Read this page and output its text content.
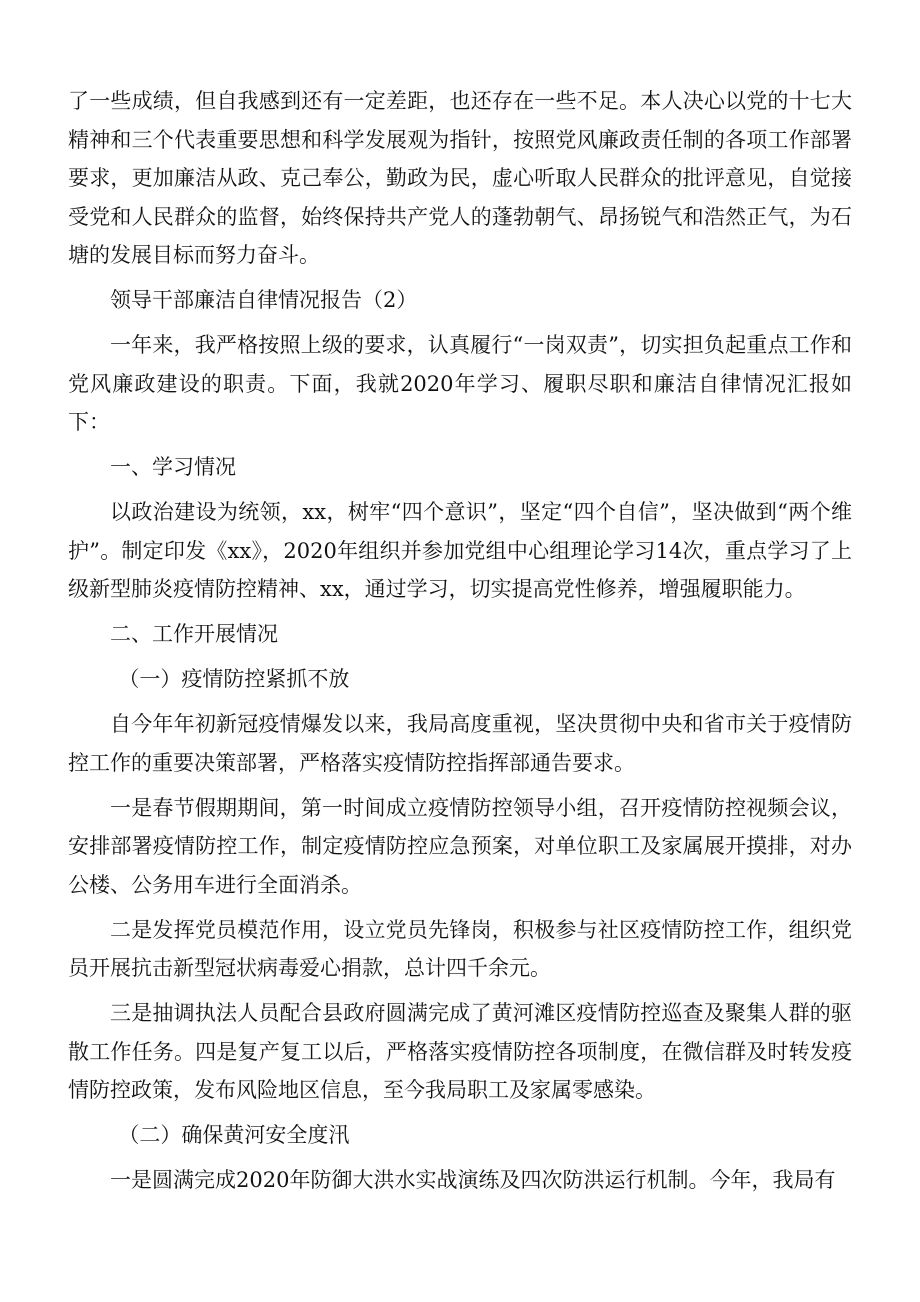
了一些成绩，但自我感到还有一定差距，也还存在一些不足。本人决心以党的十七大精神和三个代表重要思想和科学发展观为指针，按照党风廉政责任制的各项工作部署要求，更加廉洁从政、克己奉公，勤政为民，虚心听取人民群众的批评意见，自觉接受党和人民群众的监督，始终保持共产党人的蓬勃朝气、昂扬锐气和浩然正气，为石塘的发展目标而努力奋斗。

领导干部廉洁自律情况报告（2）

一年来，我严格按照上级的要求，认真履行“一岗双责”，切实担负起重点工作和党风廉政建设的职责。下面，我就2020年学习、履职尽职和廉洁自律情况汇报如下：

一、学习情况

以政治建设为统领，xx，树牢“四个意识”，坚定“四个自信”，坚决做到“两个维护”。制定印发《xx》，2020年组织并参加党组中心组理论学习14次，重点学习了上级新型肺炎疫情防控精神、xx，通过学习，切实提高党性修养，增强履职能力。

二、工作开展情况

（一）疫情防控紧抓不放

自今年年初新冠疫情爆发以来，我局高度重视，坚决贯彻中央和省市关于疫情防控工作的重要决策部署，严格落实疫情防控指挥部通告要求。

一是春节假期期间，第一时间成立疫情防控领导小组，召开疫情防控视频会议，安排部署疫情防控工作，制定疫情防控应急预案，对单位职工及家属展开摸排，对办公楼、公务用车进行全面消杀。

二是发挥党员模范作用，设立党员先锋岗，积极参与社区疫情防控工作，组织党员开展抗击新型冠状病毒爱心捐款，总计四千余元。

三是抽调执法人员配合县政府圆满完成了黄河滩区疫情防控巡查及聚集人群的驱散工作任务。四是复产复工以后，严格落实疫情防控各项制度，在微信群及时转发疫情防控政策，发布风险地区信息，至今我局职工及家属零感染。

（二）确保黄河安全度汛

一是圆满完成2020年防御大洪水实战演练及四次防洪运行机制。今年，我局有
